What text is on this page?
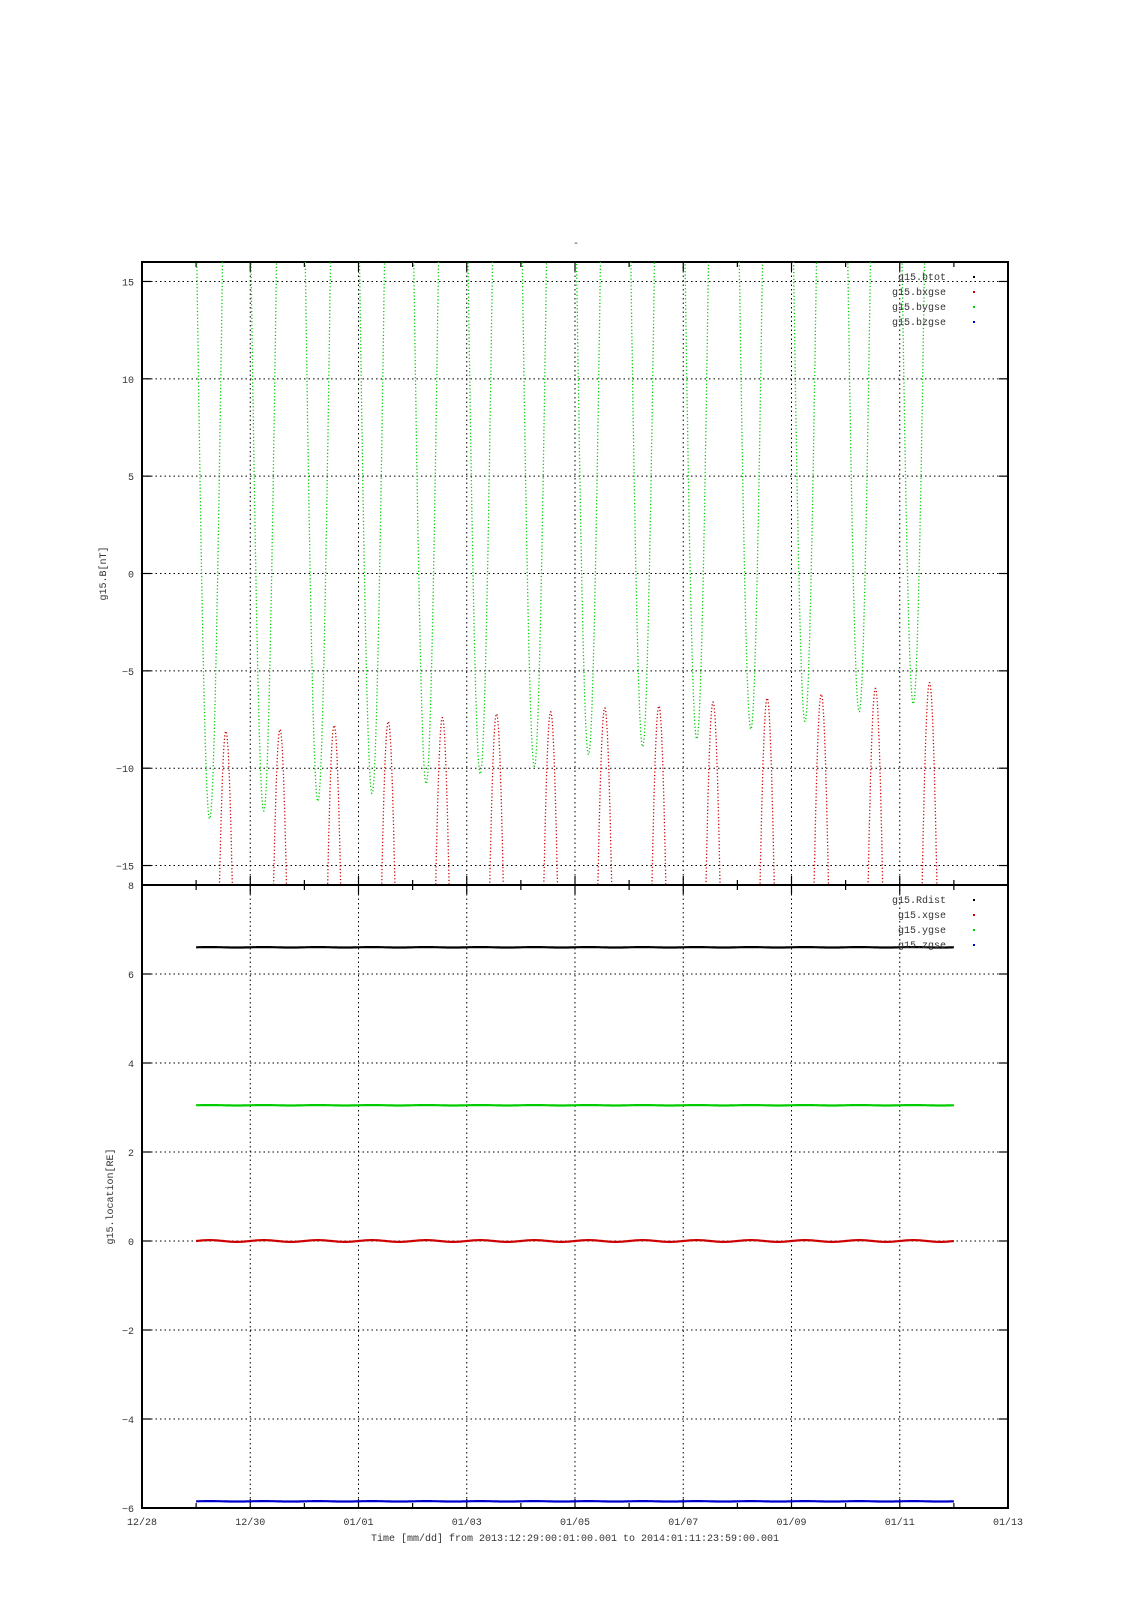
-
15
10
5
0
−5
−10
−15
g15.B[nT]
g15.btot
g15.bxgse
g15.bygse
g15.bzgse
8
6
4
2
0
−2
−4
−6
g15.location[RE]
g15.Rdist
g15.xgse
g15.ygse
g15.zgse
12/28	12/30	01/01	01/03	01/05	01/07	01/09	01/11	01/13
Time [mm/dd] from 2013:12:29:00:01:00.001 to 2014:01:11:23:59:00.001
